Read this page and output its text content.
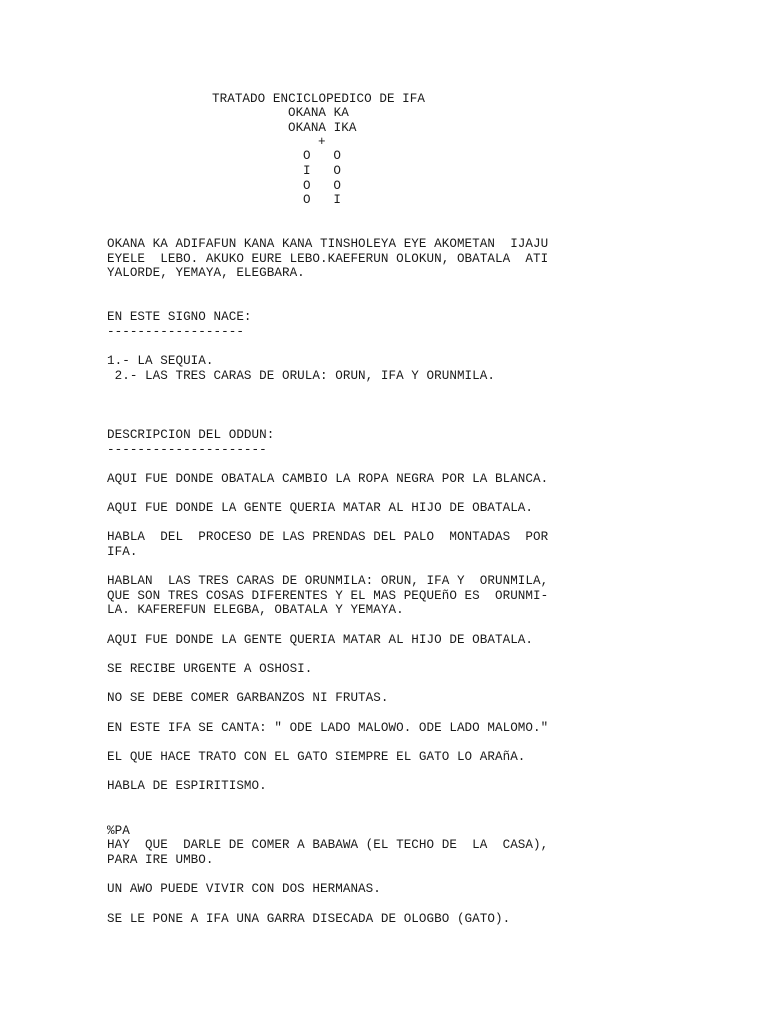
TRATADO ENCICLOPEDICO DE IFA
OKANA KA
OKANA IKA
+
O   O
I   O
O   O
O   I
OKANA KA ADIFAFUN KANA KANA TINSHOLEYA EYE AKOMETAN  IJAJU
EYELE  LEBO. AKUKO EURE LEBO.KAEFERUN OLOKUN, OBATALA  ATI
YALORDE, YEMAYA, ELEGBARA.
EN ESTE SIGNO NACE:
------------------
1.- LA SEQUIA.
2.- LAS TRES CARAS DE ORULA: ORUN, IFA Y ORUNMILA.
DESCRIPCION DEL ODDUN:
---------------------
AQUI FUE DONDE OBATALA CAMBIO LA ROPA NEGRA POR LA BLANCA.
AQUI FUE DONDE LA GENTE QUERIA MATAR AL HIJO DE OBATALA.
HABLA  DEL  PROCESO DE LAS PRENDAS DEL PALO  MONTADAS  POR
IFA.
HABLAN  LAS TRES CARAS DE ORUNMILA: ORUN, IFA Y  ORUNMILA,
QUE SON TRES COSAS DIFERENTES Y EL MAS PEQUEñO ES  ORUNMI-
LA. KAFEREFUN ELEGBA, OBATALA Y YEMAYA.
AQUI FUE DONDE LA GENTE QUERIA MATAR AL HIJO DE OBATALA.
SE RECIBE URGENTE A OSHOSI.
NO SE DEBE COMER GARBANZOS NI FRUTAS.
EN ESTE IFA SE CANTA: " ODE LADO MALOWO. ODE LADO MALOMO."
EL QUE HACE TRATO CON EL GATO SIEMPRE EL GATO LO ARAñA.
HABLA DE ESPIRITISMO.
%PA
HAY  QUE  DARLE DE COMER A BABAWA (EL TECHO DE  LA  CASA),
PARA IRE UMBO.
UN AWO PUEDE VIVIR CON DOS HERMANAS.
SE LE PONE A IFA UNA GARRA DISECADA DE OLOGBO (GATO).
